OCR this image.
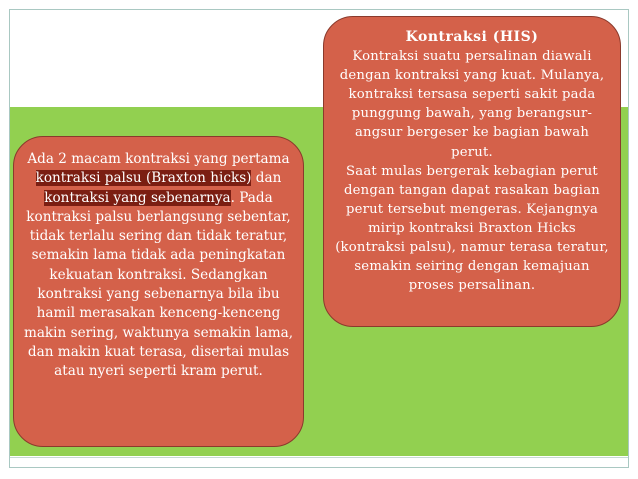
Kontraksi (HIS)
Kontraksi suatu persalinan diawali dengan kontraksi yang kuat. Mulanya, kontraksi tersasa seperti sakit pada punggung bawah, yang berangsur-angsur bergeser ke bagian bawah perut.
Saat mulas bergerak kebagian perut dengan tangan dapat rasakan bagian perut tersebut mengeras. Kejangnya mirip kontraksi Braxton Hicks (kontraksi palsu), namur terasa teratur, semakin seiring dengan kemajuan proses persalinan.
Ada 2 macam kontraksi yang pertama kontraksi palsu (Braxton hicks) dan kontraksi yang sebenarnya. Pada kontraksi palsu berlangsung sebentar, tidak terlalu sering dan tidak teratur, semakin lama tidak ada peningkatan kekuatan kontraksi. Sedangkan kontraksi yang sebenarnya bila ibu hamil merasakan kenceng-kenceng makin sering, waktunya semakin lama, dan makin kuat terasa, disertai mulas atau nyeri seperti kram perut.
